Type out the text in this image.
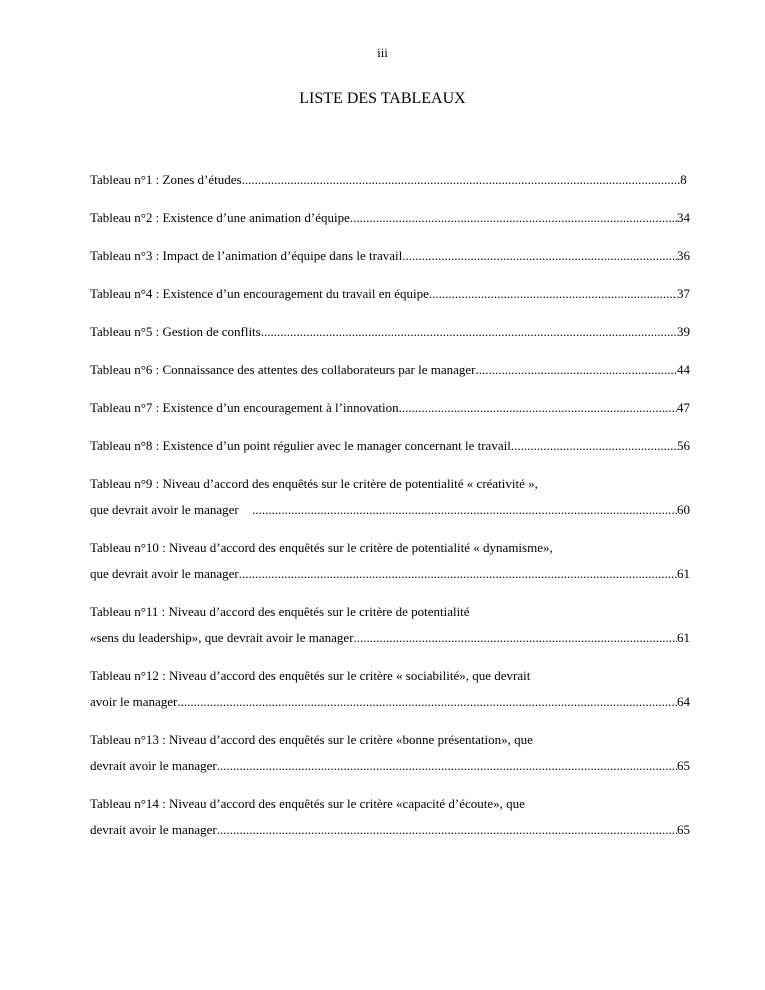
iii
LISTE DES TABLEAUX
Tableau n°1 : Zones d’études .....	8
Tableau n°2 : Existence d’une animation d’équipe .....	34
Tableau n°3 : Impact de l’animation d’équipe dans le travail .....	36
Tableau n°4 : Existence d’un encouragement du travail en équipe .....	37
Tableau n°5 : Gestion de conflits .....	39
Tableau n°6 : Connaissance des attentes des collaborateurs par le manager .....	44
Tableau n°7 : Existence d’un encouragement à l’innovation .....	47
Tableau n°8 : Existence d’un point régulier avec le manager concernant le travail .....	56
Tableau n°9 : Niveau d’accord des enquêtés sur le critère de potentialité « créativité »,
que devrait avoir le manager .....	60
Tableau n°10 : Niveau d’accord des enquêtés sur le critère de potentialité « dynamisme»,
que devrait avoir le manager .....	61
Tableau n°11 : Niveau d’accord des enquêtés sur le critère de potentialité
«sens du leadership», que devrait avoir le manager .....	61
Tableau n°12 : Niveau d’accord des enquêtés sur le critère « sociabilité», que devrait
avoir le manager .....	64
Tableau n°13 : Niveau d’accord des enquêtés sur le critère «bonne présentation», que
devrait avoir le manager .....	65
Tableau n°14 : Niveau d’accord des enquêtés sur le critère «capacité d’écoute», que
devrait avoir le manager .....	65
